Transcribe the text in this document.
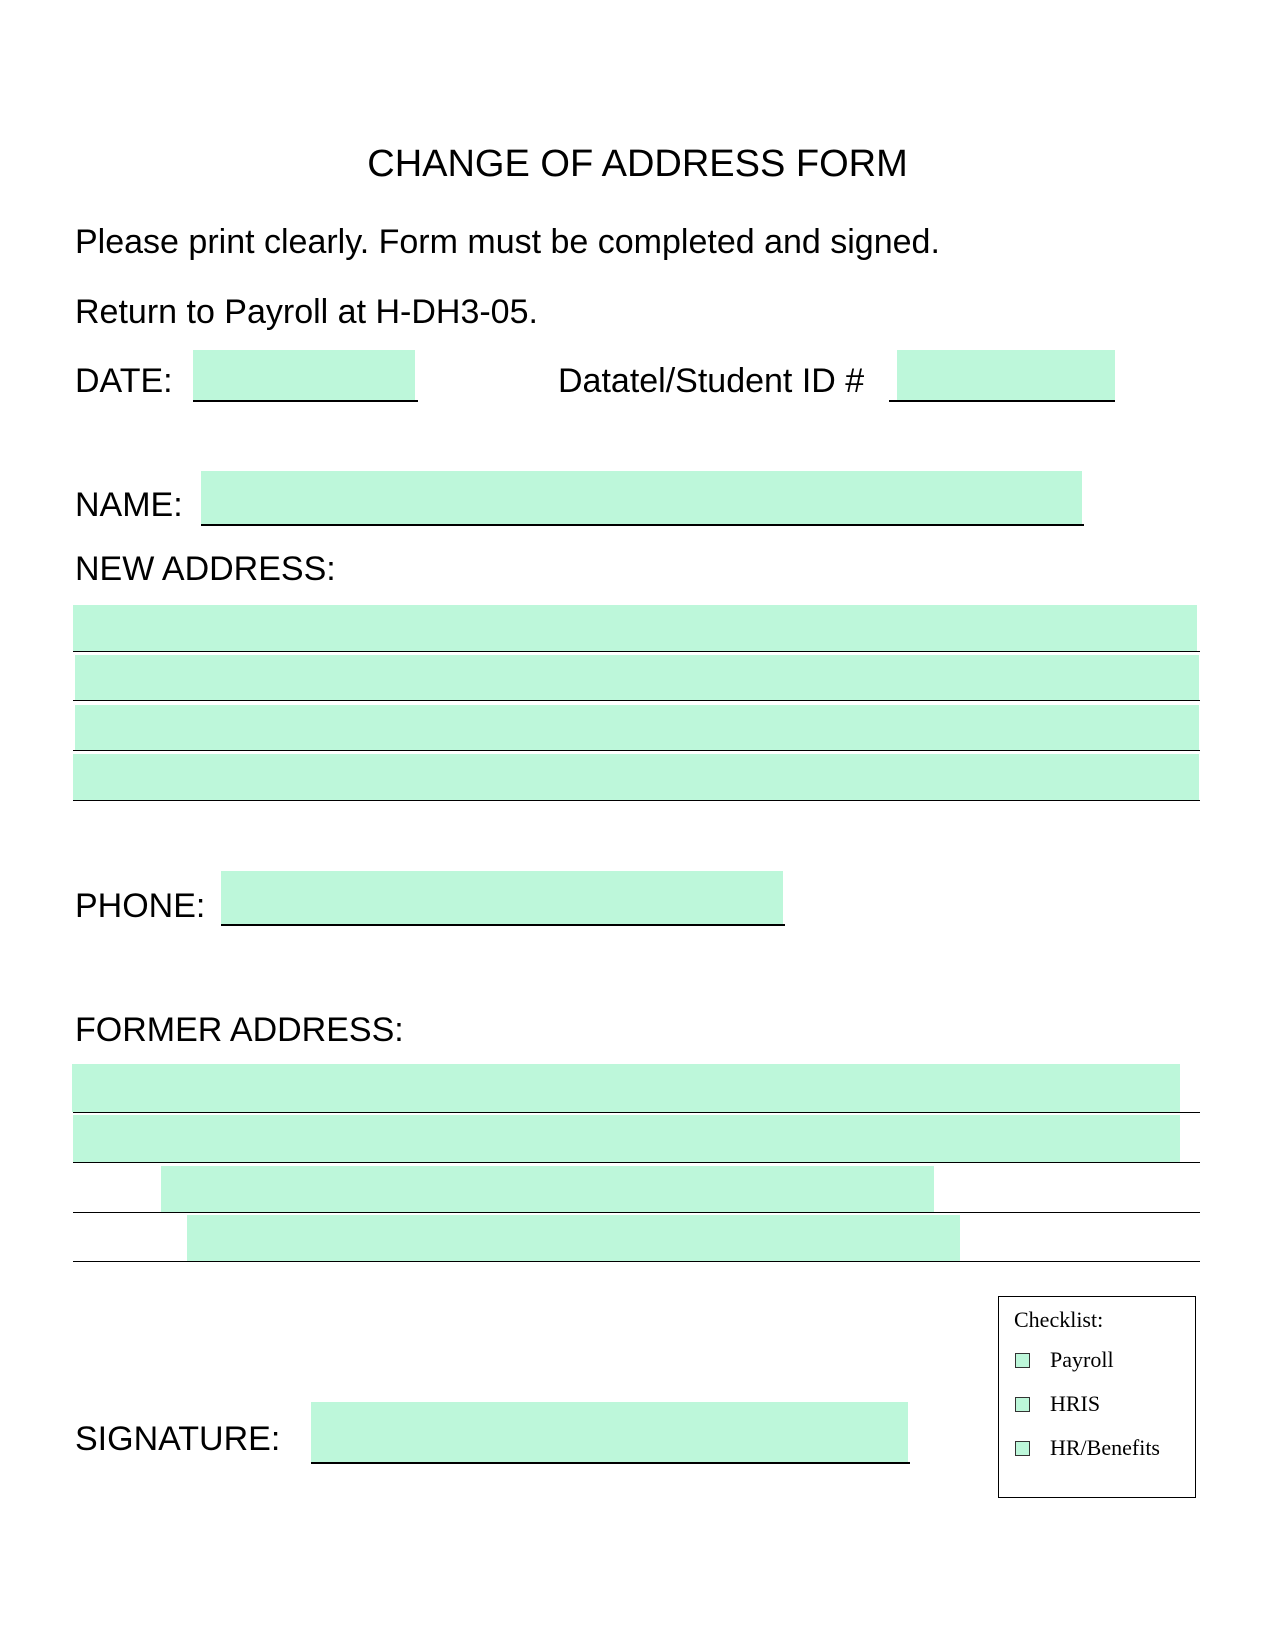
CHANGE OF ADDRESS FORM
Please print clearly. Form must be completed and signed.
Return to Payroll at H-DH3-05.
DATE:	Datatel/Student ID #
NAME:
NEW ADDRESS:
PHONE:
FORMER ADDRESS:
SIGNATURE:
Checklist:
Payroll
HRIS
HR/Benefits
